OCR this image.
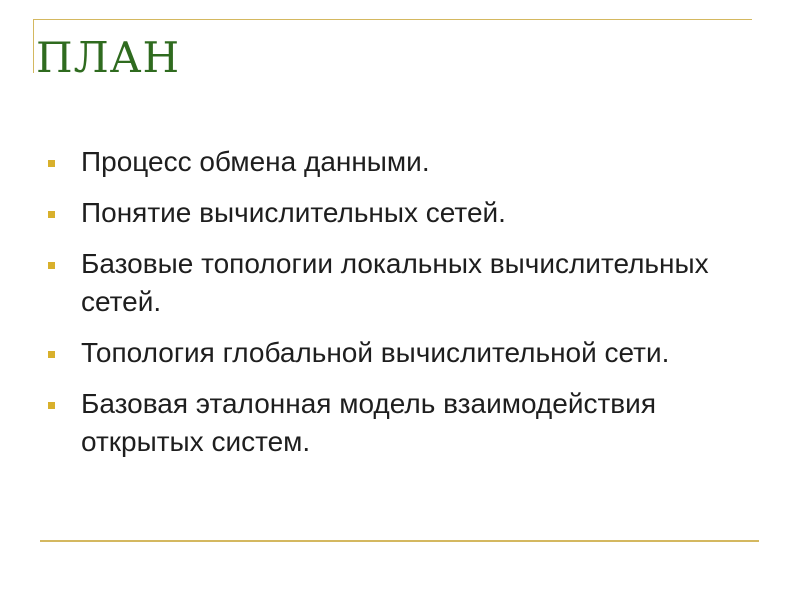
ПЛАН
Процесс обмена данными.
Понятие вычислительных сетей.
Базовые топологии локальных вычислительных сетей.
Топология глобальной вычислительной сети.
Базовая эталонная модель взаимодействия открытых систем.
